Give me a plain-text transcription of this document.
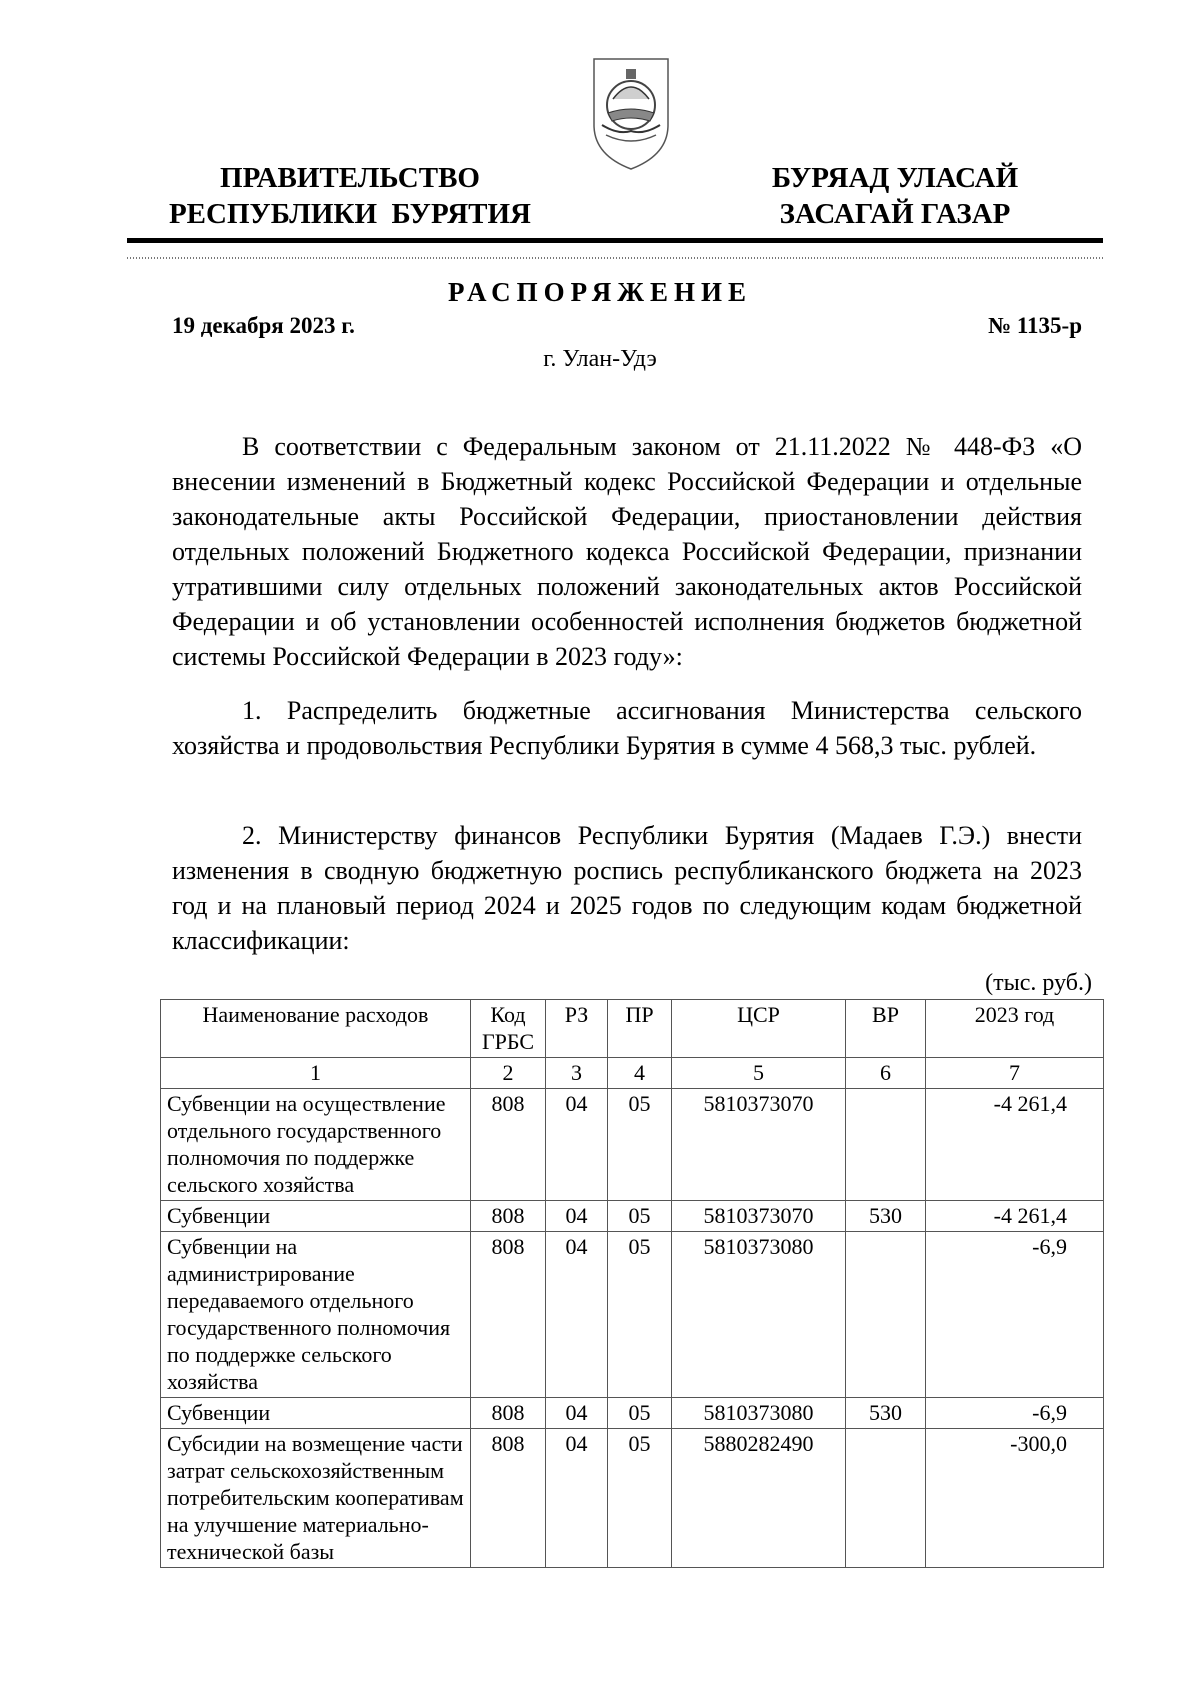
ПРАВИТЕЛЬСТВО
РЕСПУБЛИКИ  БУРЯТИЯ
БУРЯАД УЛАСАЙ
ЗАСАГАЙ ГАЗАР
РАСПОРЯЖЕНИЕ
19 декабря 2023 г.	№ 1135-р
г. Улан-Удэ
В соответствии с Федеральным законом от 21.11.2022 № 448-ФЗ «О внесении изменений в Бюджетный кодекс Российской Федерации и отдельные законодательные акты Российской Федерации, приостановлении действия отдельных положений Бюджетного кодекса Российской Федерации, признании утратившими силу отдельных положений законодательных актов Российской Федерации и об установлении особенностей исполнения бюджетов бюджетной системы Российской Федерации в 2023 году»:
1. Распределить бюджетные ассигнования Министерства сельского хозяйства и продовольствия Республики Бурятия в сумме 4 568,3 тыс. рублей.
2. Министерству финансов Республики Бурятия (Мадаев Г.Э.) внести изменения в сводную бюджетную роспись республиканского бюджета на 2023 год и на плановый период 2024 и 2025 годов по следующим кодам бюджетной классификации:
(тыс. руб.)
Наименование расходов	Код ГРБС	РЗ	ПР	ЦСР	ВР	2023 год
1	2	3	4	5	6	7
Субвенции на осуществление отдельного государственного полномочия по поддержке сельского хозяйства	808	04	05	5810373070		-4 261,4
Субвенции	808	04	05	5810373070	530	-4 261,4
Субвенции на администрирование передаваемого отдельного государственного полномочия по поддержке сельского хозяйства	808	04	05	5810373080		-6,9
Субвенции	808	04	05	5810373080	530	-6,9
Субсидии на возмещение части затрат сельскохозяйственным потребительским кооперативам на улучшение материально-технической базы	808	04	05	5880282490		-300,0
